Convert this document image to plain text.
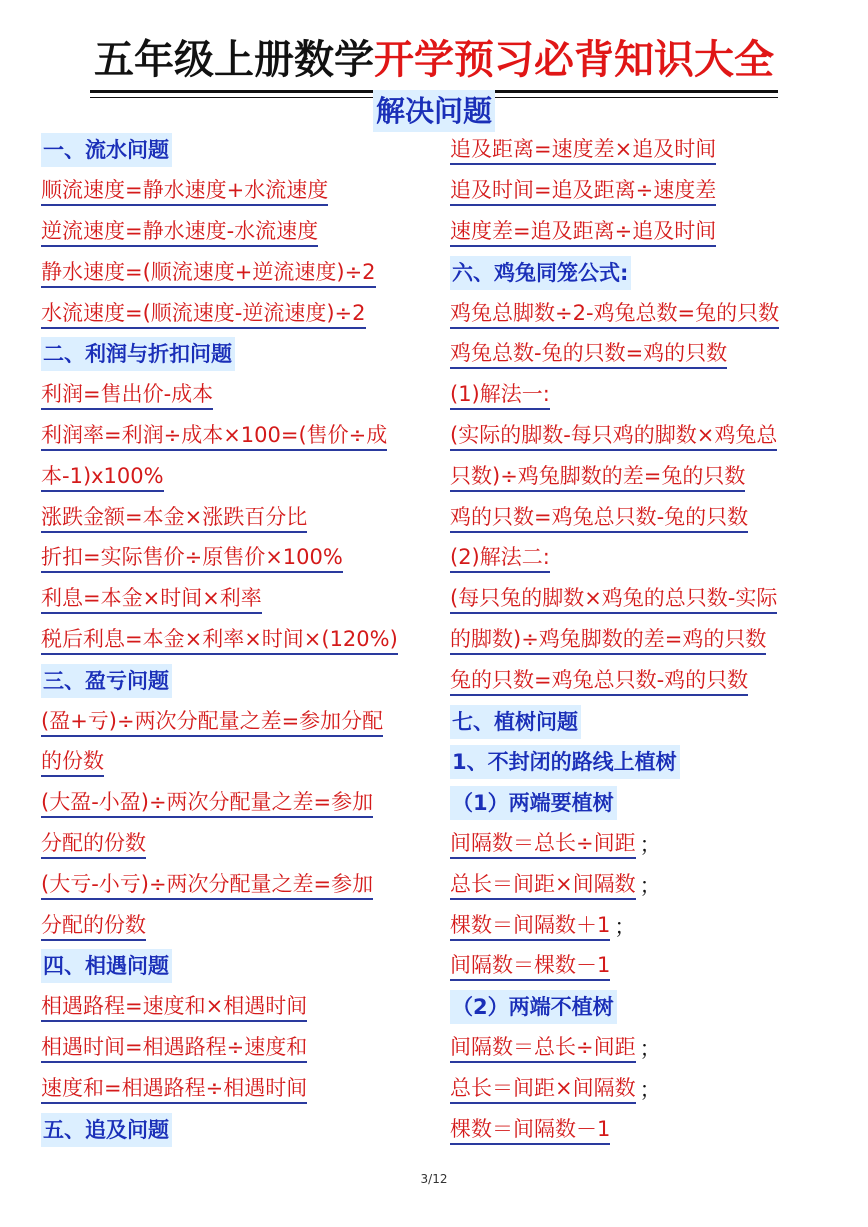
五年级上册数学开学预习必背知识大全
解决问题
一、流水问题
顺流速度=静水速度+水流速度
逆流速度=静水速度-水流速度
静水速度=(顺流速度+逆流速度)÷2
水流速度=(顺流速度-逆流速度)÷2
二、利润与折扣问题
利润=售出价-成本
利润率=利润÷成本×100=(售价÷成
本-1)x100%
涨跌金额=本金×涨跌百分比
折扣=实际售价÷原售价×100%
利息=本金×时间×利率
税后利息=本金×利率×时间×(120%)
三、盈亏问题
(盈+亏)÷两次分配量之差=参加分配
的份数
(大盈-小盈)÷两次分配量之差=参加
分配的份数
(大亏-小亏)÷两次分配量之差=参加
分配的份数
四、相遇问题
相遇路程=速度和×相遇时间
相遇时间=相遇路程÷速度和
速度和=相遇路程÷相遇时间
五、追及问题
追及距离=速度差×追及时间
追及时间=追及距离÷速度差
速度差=追及距离÷追及时间
六、鸡兔同笼公式:
鸡兔总脚数÷2-鸡兔总数=兔的只数
鸡兔总数-兔的只数=鸡的只数
(1)解法一:
(实际的脚数-每只鸡的脚数×鸡兔总
只数)÷鸡兔脚数的差=兔的只数
鸡的只数=鸡兔总只数-兔的只数
(2)解法二:
(每只兔的脚数×鸡兔的总只数-实际
的脚数)÷鸡兔脚数的差=鸡的只数
兔的只数=鸡兔总只数-鸡的只数
七、植树问题
1、不封闭的路线上植树
（1）两端要植树
间隔数＝总长÷间距 ；
总长＝间距×间隔数 ；
棵数＝间隔数＋1 ；
间隔数＝棵数－1
（2）两端不植树
间隔数＝总长÷间距 ；
总长＝间距×间隔数 ；
棵数＝间隔数－1
3/12
